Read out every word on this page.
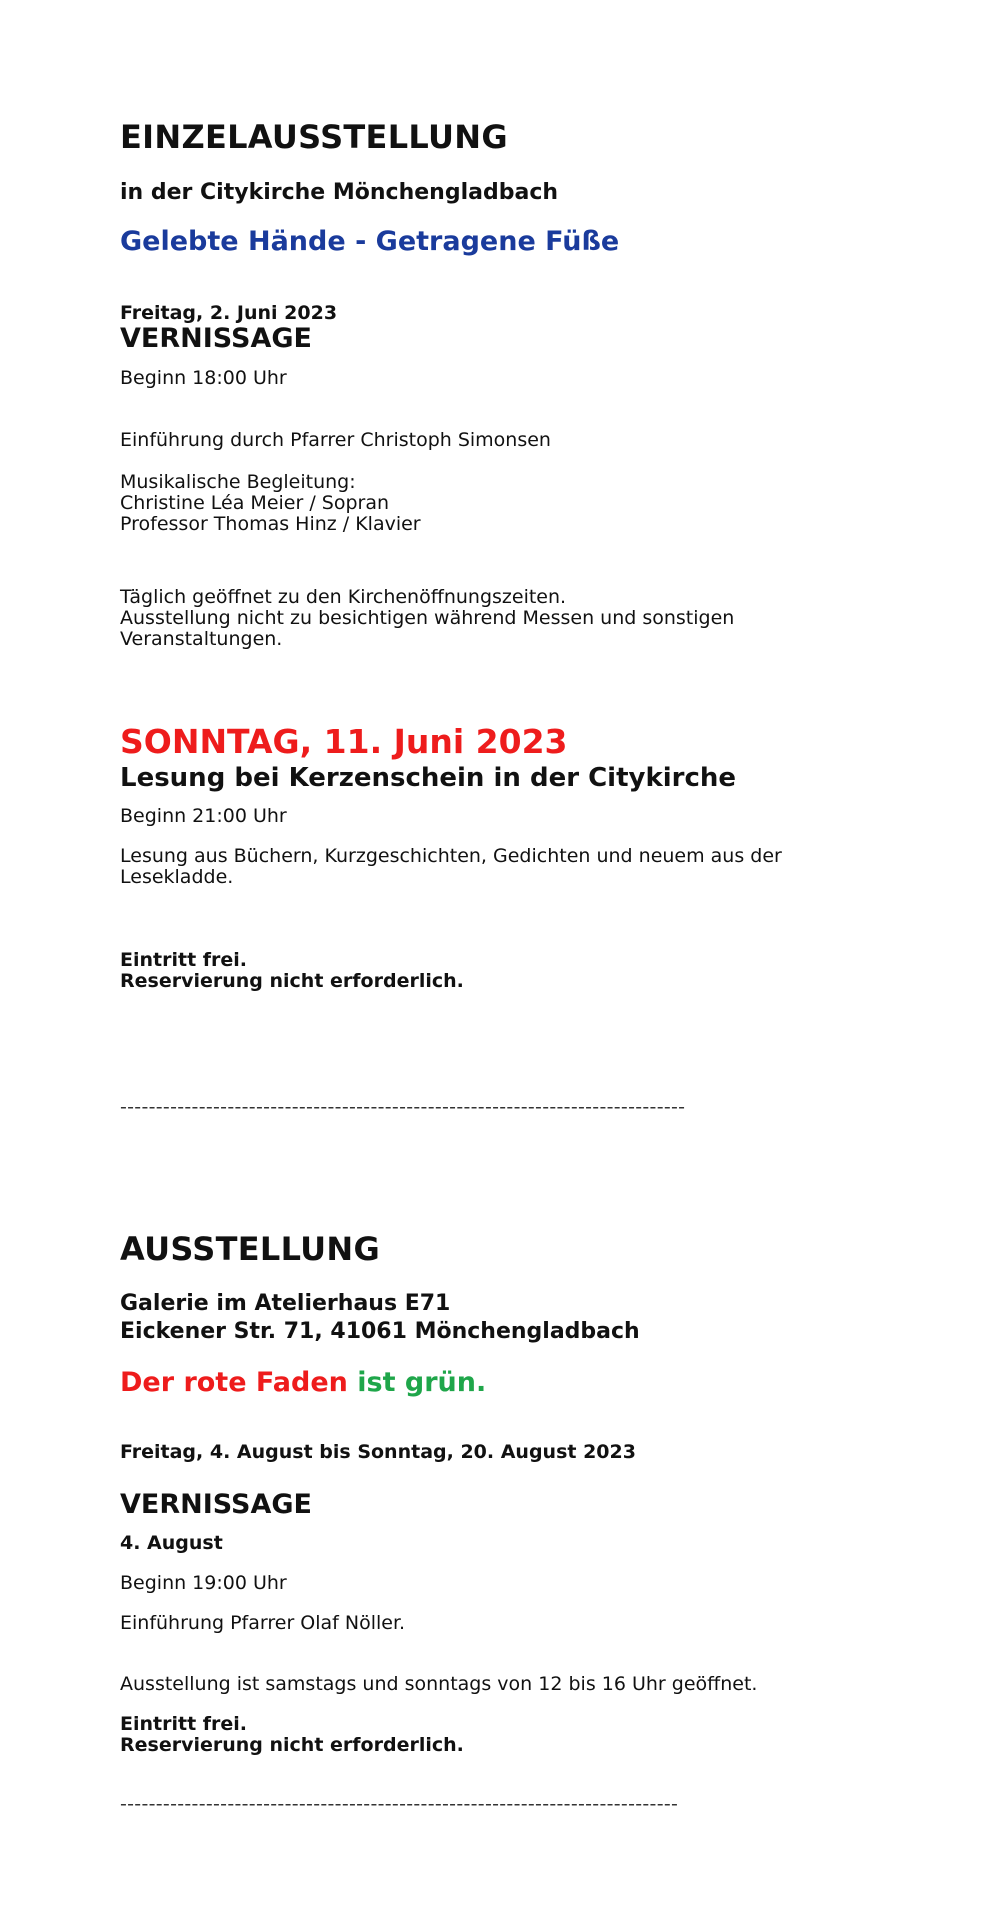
EINZELAUSSTELLUNG
in der Citykirche Mönchengladbach
Gelebte Hände - Getragene Füße
Freitag, 2. Juni 2023
VERNISSAGE
Beginn 18:00 Uhr
Einführung durch Pfarrer Christoph Simonsen
Musikalische Begleitung:
Christine Léa Meier / Sopran
Professor Thomas Hinz / Klavier
Täglich geöffnet zu den Kirchenöffnungszeiten.
Ausstellung nicht zu besichtigen während Messen und sonstigen
Veranstaltungen.
SONNTAG, 11. Juni 2023
Lesung bei Kerzenschein in der Citykirche
Beginn 21:00 Uhr
Lesung aus Büchern, Kurzgeschichten, Gedichten und neuem aus der
Lesekladde.
Eintritt frei.
Reservierung nicht erforderlich.
-------------------------------------------------------------------------------
AUSSTELLUNG
Galerie im Atelierhaus E71
Eickener Str. 71, 41061 Mönchengladbach
Der rote Faden ist grün.
Freitag, 4. August bis Sonntag, 20. August 2023
VERNISSAGE
4. August
Beginn 19:00 Uhr
Einführung Pfarrer Olaf Nöller.
Ausstellung ist samstags und sonntags von 12 bis 16 Uhr geöffnet.
Eintritt frei.
Reservierung nicht erforderlich.
------------------------------------------------------------------------------
